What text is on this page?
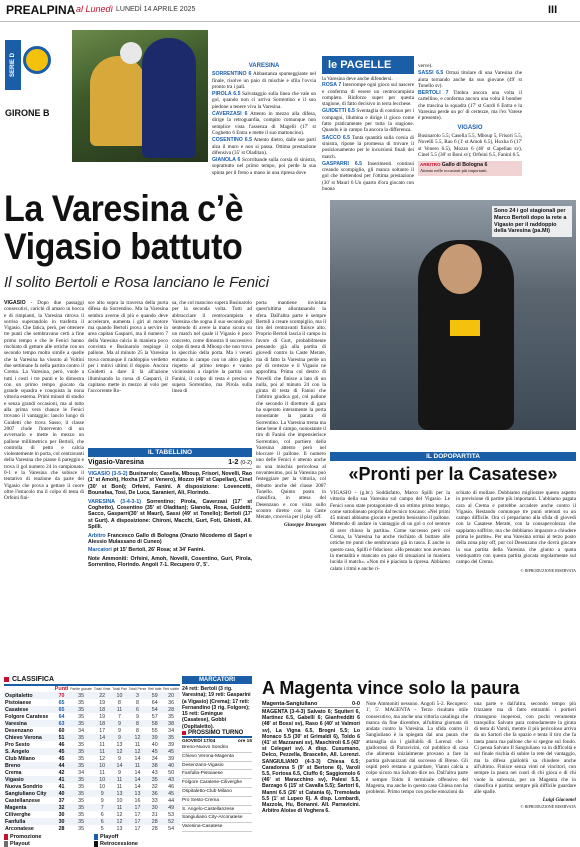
PREALPINA al Lunedì LUNEDÌ 14 APRILE 2025	III
SERIE D
GIRONE B
VARESINA

SORRENTINO 6 Abbastanza spumeggiante nel finale, risolve un paio di mischie e sfila l'ovvia pronto tra i pali.

PIROLA 6.5 Salvataggio sulla linea che vale un gol, quando non ci arriva Sorrentino e il suo piedone a tenere viva la Varesina.

CAVERZASI 6 Attento in mezzo alla difesa, dirige la retroguardia, compito comunque non semplice vista l'assenza di Magelli (17' st Coghetto 6 Entra e mette il suo mattoncino).

COSENTINO 6.5 Attento dietro, dalle sue parti alza il muro e non si passa. Ottima prestazione difensiva (35' st Oladitan).

GIANOLA 6 Scorribande sulla corsia di sinistra, soprattutto nel primo tempo, poi perde la sua spinta per il freno a mano in una ripresa dove

le PAGELLE
la Varesina deve anche difendersi.

ROSA 7 Interrompe ogni gioco sul nascere e conferma di essere un centrocampista completo. Rinforzo super per questa stagione, di fatto decisivo in terra lecchese.

GUIDETTI 6.5 Sventaglia di continuo per i compagni, illumina e dirige il gioco come fatto praticamente per tutta la stagione. Quando è in campo fa ancora la differenza.

SACCO 6.5 Tanta quantità sulla corsia di sinistra, ripone la promessa di trovare il posizionamento per le incursioni finali dei match.

GASPARRI 6.5 Inserimenti continui creando scompiglio, gli manca soltanto il gol che mettendosi per l'ottima prestazione (30' st Mauri 6 Un quarto d'ora giocato con buona

verve).

SASSI 6.5 Ormai titolare di una Varesina che aiuta tornando anche da suo giovane (49' st Tonello sv).

BERTOLI 7 Timbra ancora una volta il cartellino, e conferma ancora una volta il bomber che trascina la squadra (17' st Gurdi 6 Entra e la Varesina perde un po' di certezze, ma l'ex Varese è presente).

VIGASIO
Businarolo 5.5; Casella 5.5, Mboup 5, Frisori 5.5, Novelli 5.5, Rao 6 (1' st Amoh 6.5), Hoxha 6 (17' st Venero 6.5), Mozzo 6 (46' st Capellan sv), Cinel 5.5 (30' st Boni sv); Orfeini 6.5, Fanini 6.5.
ARBITRO Gallo di Bologna 6
Attento nelle occasioni più importanti
La Varesina c’è
Vigasio battuto
Il solito Bertoli e Rosa lanciano le Fenici
Sono 24 i gol stagionali per Marco Bertoli dopo la rete a Vigasio per il raddoppio della Varesina (pa.Mi)
VIGASIO - Dopo due passaggi consecutivi, carichi di amaro in bocca e di rimpianti, la Varesina ritrova il sorriso superandolo in trasferta il Vigasio. Che fatica, però, per ottenere tre punti che sembravano certi a fine primo tempo e che le Fenici hanno rischiato di gettare alle ortiche con un secondo tempo molto simile a quelle che la Varesina ha vissuto al Voltini due settimane fa nella partita contro il Crema. La Varesina, però, vuole a tutti i costi i tre punti e lo dimostra con un primo tempo giocato da grande squadra e conquista la nona vittoria esterna. Primi minuti di studio e senza grandi occasioni, ma al tutto alla prima vera chance le Fenici trovano il vantaggio: lancio lungo di Guidetti che trova Sasso, il classe 2007 clude l'intervento di un avversario e mette in mezzo un pallone millimetrico per Bertoli, che controlla di petto e calcia violentemente in porta, col centravanti della Varesina che pianse il pareggio e trova il gol numero 24 in campionato. 0-1 e la Varesina che subisce il tentativo di reazione da parte dei Vigasio che prova a gettare il cuore oltre l'ostacolo ma il colpo di testa di Orfeini fini-
sce alto sopra la traversa della porta difesa da Sorrentino. Ma la Varesina sembra averne di più e quando deve accelerare, aumenta i giri al motore ma quando Bertoli prova a servire in area capitan Gasparri, ma il numero 7 della Varesina calcia in maniera poco convinta e Businarolo respinge il pallone. Ma al minuto 25 la Varesina trova comunque il raddoppio verdetto per i mitivi ultimi il doppio. Ancora Guidetti a dare il là all'azione illuminando la corsa di Gasparri, il capitano mette in mezzo al volo per l'accorrente Ro-
sa, che col mancino supera Businarolo per la seconda volta. Tutti ad abbracciare il centrocampista e Varesina che sogna il suo secondo gol sentendo di avere la mano sicura su un match nel quale il Vigasio è poco concreto, come dimostra il successivo colpo di testa di Mboup che non trova lo specchio della porta. Ma i veneti entrano in campo con un altro piglio rispetto al primo tempo e vanno vicinissimi a riaprire la partita con Fanini, il colpo di testa è preciso e supera Sorrentino, ma Pirola sulla linea di
porta mantiene inviolata quest'ultima allontanando la sfera. Dall'altra parte è sempre Bertoli a creare scompiglio, ma il tiro del centravanti finisce alto. Proprio Bertoli lascia il campo in favore di Gurt, probabilmente pensando già alla partita di giovedì contro la Caste Merate, ma di fatto la Varesina perde un po' di certezze e il Vigasio ne approfitta. Prima col destro di Novelli che finisce a lato di un nulla, poi al minuto 24 con la girata di testa di Fanini che l'arbitro giudica gol, col pallone che secondo il direttore di gara ha superato interamente la porta nonostante la parata di Sorrentino. La Varesina trema ma tiene bene il campo, nonostante il tiro di Fanini che impensierisce Sorrentino, col portiere della Varesina attento però nel bloccare il pallone. Il numero uno delle Fenici è attento anche su una mischia pericolosa al novantesimo, poi la Varesina può festeggiare per la vittoria, col debutto anche del classe 2007 Tonello. Quinto posto in classifica, in attesa del Desenzano e con vista sullo scontro diretto con la Caste Merate, crocevia per il play off.
Giuseppe Brusegon
IL TABELLINO
Vigasio-Varesina	1-2 (0-2)

VIGASIO (3-5-2) Businarolo; Casella, Mboup, Frisori, Novelli, Rao (1' st Amoh), Hoxha (17' st Venero), Mozzo (46' st Capellan), Cinel (30' st Boni); Orfeini, Fanini. A disposizione: Lovencetti, Bounafaa, Tosi, De Luca, Saranieri, Ali, Florindo.

VARESINA (3-4-3-1) Sorrentino; Pirola, Caverzasi (17' st Coghetto), Cosentino (35' st Oladitan); Gianola, Rosa, Guidetti, Sacco, Gasparri(30' st Mauri), Sassi (49' st Tonello); Bertoli (17' st Gurt). A disposizione: Chironi, Macchi, Gurt, Foti, Ghiotti, All. Spilli.

Arbitro Francesco Gallo di Bologna (Orazio Nicodemo di Sapri e Alessio Mulassano di Cuneo)

Marcatori pt 15' Bertoli, 26' Rosa; st 34' Fanini.

Note Ammoniti: Orfeini, Amoh, Novelli, Cosentino, Guri, Pirola, Sorrentino, Florindo. Angoli 7-1. Recupero 0', 5'.

IL DOPOPARTITA
«Pronti per la Casatese»
VIGASIO - (g.br.) Soddisfatto, Marco Spilli per la vittoria della sua Varesina sul campo del Vigasio. Le Fenici sono state protagoniste di un ottimo primo tempo, come sottolineato proprio dal tecnico toscano: «Nei primi 45 minuti abbiamo giocato e gestito benissimo il pallone. Mettendo di andare in vantaggio di un gol o col sentore di aver chiuso la partita». Come successo però col Crema, la Varesina ha anche rischiato di buttare alle ortiche tre punti che sembravano già in tasca. E anche in questo caso, Spilli è fiducioso: «Ho pensato: non avevano la mentalità e mancato un paio di situazioni in maniera lucida il match». «Non mi è piaciuta la ripresa. Abbiamo calato i ritmi e anche ri-
schiato di mollare. Dobbiamo migliorare questo aspetto in previsione di partite più importanti. L'abbiamo pagata cara al Crema e potrebbe accadere anche contro il Vigasio. Restando comunque tre punti ottenuti su un campo difficile. Ora ci prepariamo alla sfida di giovedì con la Casatese Merate, con la consapevolezza che sappiamo soffrire, ma che dobbiamo imparare a chiudere prima le partite». Per una Varesina ormai al terzo posto della zona play off, pur col Desenzano che dovrà giocare la sua partita della Varesina che giunto a quota ventiquattro con questa partita giocata regolarmente sul campo del Crema.
© RIPRODUZIONE RISERVATA
CLASSIFICA
	Punti	Partite giocate	Totali Vinte	Totali Pari	Totali Perse	Reti fatte	Reti subite
Ospitaletto	70	35	22	10	3	59	20
Pistoiaese	65	35	19	8	8	64	36
Casatese	65	35	18	11	6	54	28
Folgore Caratese	64	35	19	7	9	57	35
Varesina	63	35	18	9	8	58	38
Desenzano	60	34	17	9	8	55	34
Chievo Verona	51	35	14	9	12	39	35
Pro Sesto	46	35	11	13	11	40	39
S. Angelo	45	35	11	12	12	45	45
Club Milano	45	35	12	9	14	34	39
Breno	44	35	10	14	11	38	40
Crema	42	34	11	9	14	43	50
Vigasio	41	35	10	11	14	35	43
Nuova Sondrio	41	35	10	11	14	32	46
Sangiuliano City	40	35	9	13	13	36	45
Castellanzese	37	35	9	10	16	33	44
Magenta	32	35	7	11	17	30	49
Ciliverghe	30	35	6	12	17	31	53
Fanfulla	30	35	6	12	17	28	52
Arconatese	28	35	5	13	17	28	54
Promozione	Playoff
Playout	Retrocessione
MARCATORI
24 reti: Bertoli (3 rig. Varesina); 19 reti: Gasparini (a Vigasio) (Crema); 17 reti: Fernandino (3 rig. Folgore); 15 reti: Gmingue (Casatese), Gobbi (Ospitaletto).
PROSSIMO TURNO
GIOVEDÌ 17/04	ore 15
Breno-Nuovo Sondrio
Chievo Verona-Magenta
Desenzano-Vigasio
Fanfulla-Pistoiaese
Folgore Caratese-Ciliverghe
Ospitaletto-Club Milano
Pro Sesto-Crema
S. Angelo-Castellanzese
Sangiuliano City-Arconatese
Varesina-Casatese
A Magenta vince solo la paura
Magenta-Sangiuliano	0-0
MAGENTA (3-4-3) Salvato 6; Squiteri 6, Martinez 6.5, Gabelli 6; Gianfredditi 6 (48' st Bossi sv), Raso 6 (40' st Valmori sv), La Vigna 6.5, Brogni 5.5; Lo Monaco 5.5 (30' st Grimaldi 6), Toldo 6 (41' st Mazzarani sv), Maschiroli 6.5 (43' st Celegari sv). A disp. Cusumano, Delco, Pezzella, Brascelin, All. Lorenzi. SANGIULIANO (4-3-3) Chiesa 6.5; Caradonna 5 (9' st Bertone 6), Varoli 5.5, Fortosa 6.5, Ciuffo 6; Saggiomolo 6 (46' st Maracchino sv), Palesi 5.5, Barzago 6 (15' st Cavalla 5.5); Sartori 6, Manni 6.5 (26' st Catania 6), Tremolada 5.5 (1' st Lupeo 6). A disp. Lombardi, Mazzola, Hu, Bonanni. All. Parravicini. Arbitro Aloise di Voghera 6.
Note Ammoniti nessuno. Angoli 5-2. Recupero: 1', 5'. MAGENTA - Terzo risultato utile consecutivo, ma anche una vittoria casalinga che manca da fine dicembre, all'ultima giornata di andata contro la Varesina. La sfida contro il Sangiuliano è la spiegata dal una paura che attanaglia sia i giallublù di Lorenzi che i giallorossi di Parravicini, col pubblico di casa che alimenta inizialmente provano a fare la partita galvanizzati dal successo di Breno. Gli ospiti però restano a guardare, Vianni calcia a colpo sicuro ma Salvato dice no. Dall'altra parte è sempre Toldo il terminale offensivo del Magenta, ma anche in questo caso Chiesa non ha problemi. Primo tempo con poche emozioni da
una parte e dall'altra, secondo tempo più frizzante ma di fatto entrambi i portieri rimangono inoperosi, con pochi veramente tranquilla: Salvato para comodamente la girata di testa di Varoli, mentre il più pericoloso arriva da un Sartori che fa spazio e tenta il tiro che fa tanta paura ma pallone che si spegne sul fondo. Ci pensa Salvato Il Sangiuliano va in difficoltà e sul finale rischia di subire la rete del vantaggio, ma la difesa gialloblù sa chiudere anche all'ultimo. Finisce senza vinti né vincitori, con sempre la paura nei cuori di chi gioca e di chi vuole la salvezza, per un Magenta che in classifica è partita: sempre più difficile guardare alle spalle.
Luigi Giacomel
© RIPRODUZIONE RISERVATA
